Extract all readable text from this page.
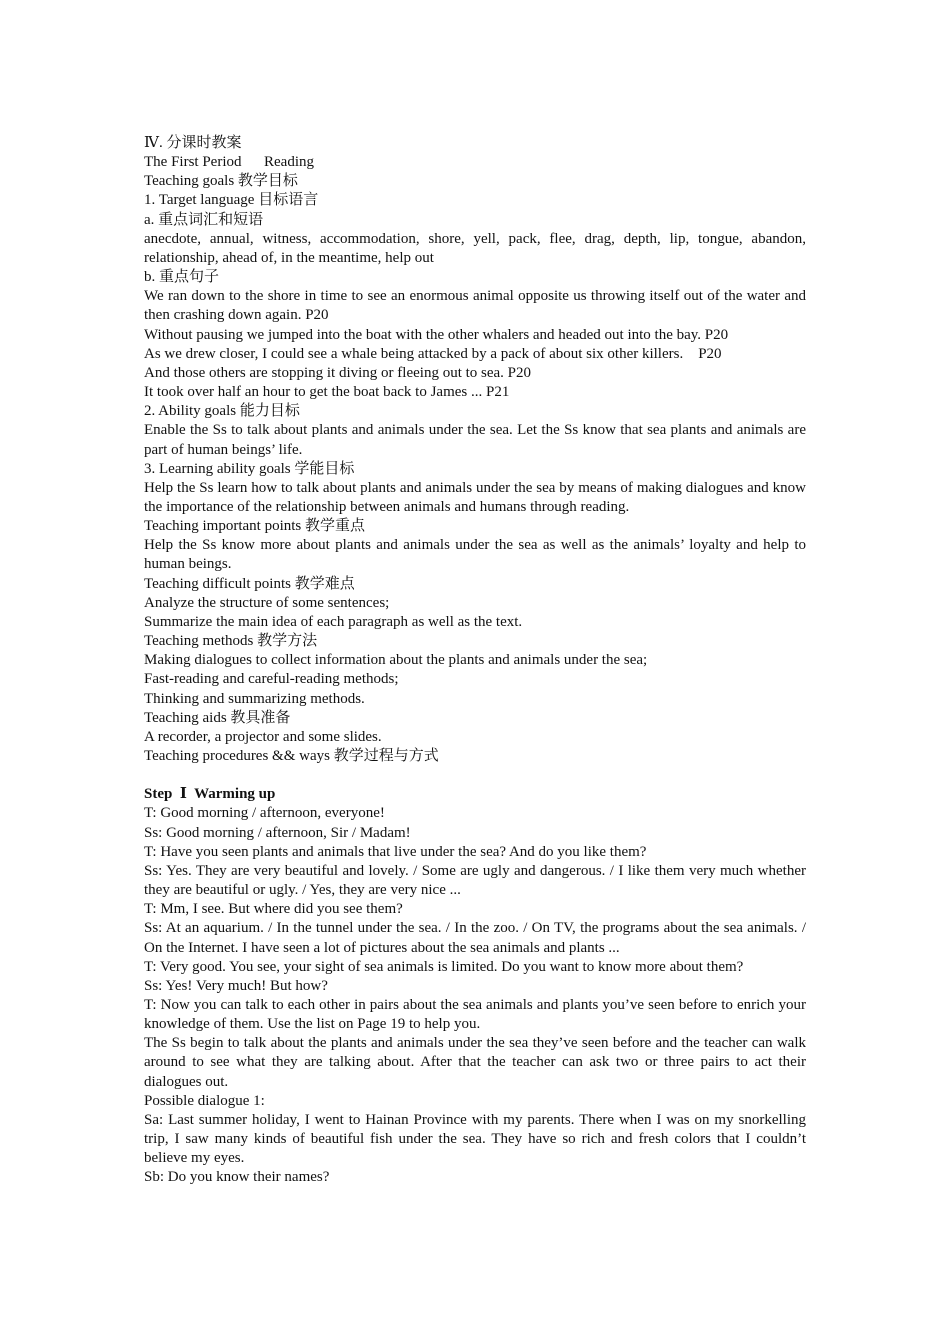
Ⅳ. 分课时教案
The First Period      Reading
Teaching goals 教学目标
1. Target language 目标语言
a. 重点词汇和短语
anecdote, annual, witness, accommodation, shore, yell, pack, flee, drag, depth, lip, tongue, abandon, relationship, ahead of, in the meantime, help out
b. 重点句子
We ran down to the shore in time to see an enormous animal opposite us throwing itself out of the water and then crashing down again. P20
Without pausing we jumped into the boat with the other whalers and headed out into the bay. P20
As we drew closer, I could see a whale being attacked by a pack of about six other killers.    P20
And those others are stopping it diving or fleeing out to sea. P20
It took over half an hour to get the boat back to James ... P21
2. Ability goals 能力目标
Enable the Ss to talk about plants and animals under the sea. Let the Ss know that sea plants and animals are part of human beings’ life.
3. Learning ability goals 学能目标
Help the Ss learn how to talk about plants and animals under the sea by means of making dialogues and know the importance of the relationship between animals and humans through reading.
Teaching important points 教学重点
Help the Ss know more about plants and animals under the sea as well as the animals’ loyalty and help to human beings.
Teaching difficult points 教学难点
Analyze the structure of some sentences;
Summarize the main idea of each paragraph as well as the text.
Teaching methods 教学方法
Making dialogues to collect information about the plants and animals under the sea;
Fast-reading and careful-reading methods;
Thinking and summarizing methods.
Teaching aids 教具准备
A recorder, a projector and some slides.
Teaching procedures && ways 教学过程与方式
Step  Ⅰ  Warming up
T: Good morning / afternoon, everyone!
Ss: Good morning / afternoon, Sir / Madam!
T: Have you seen plants and animals that live under the sea? And do you like them?
Ss: Yes. They are very beautiful and lovely. / Some are ugly and dangerous. / I like them very much whether they are beautiful or ugly. / Yes, they are very nice ...
T: Mm, I see. But where did you see them?
Ss: At an aquarium. / In the tunnel under the sea. / In the zoo. / On TV, the programs about the sea animals. / On the Internet. I have seen a lot of pictures about the sea animals and plants ...
T: Very good. You see, your sight of sea animals is limited. Do you want to know more about them?
Ss: Yes! Very much! But how?
T: Now you can talk to each other in pairs about the sea animals and plants you’ve seen before to enrich your knowledge of them. Use the list on Page 19 to help you.
The Ss begin to talk about the plants and animals under the sea they’ve seen before and the teacher can walk around to see what they are talking about. After that the teacher can ask two or three pairs to act their dialogues out.
Possible dialogue 1:
Sa: Last summer holiday, I went to Hainan Province with my parents. There when I was on my snorkelling trip, I saw many kinds of beautiful fish under the sea. They have so rich and fresh colors that I couldn’t believe my eyes.
Sb: Do you know their names?
